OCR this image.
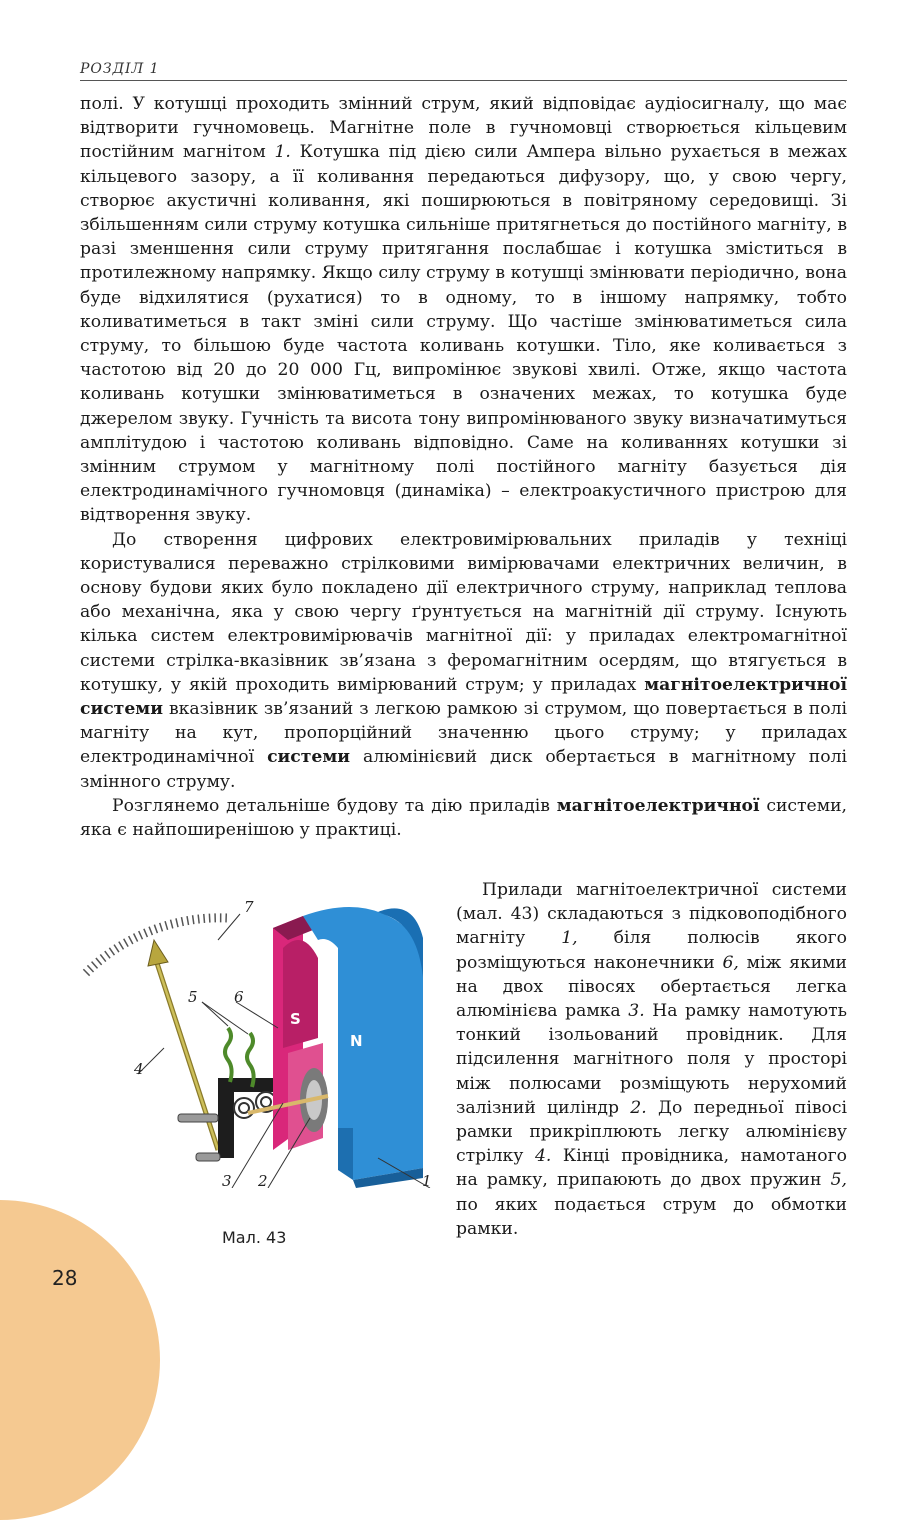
РОЗДІЛ 1

полі. У котушці проходить змінний струм, який відповідає аудіосигналу, що має відтворити гучномовець. Магнітне поле в гучномовці створюється кільцевим постійним магнітом 1. Котушка під дією сили Ампера вільно рухається в межах кільцевого зазору, а її коливання передаються дифузору, що, у свою чергу, створює акустичні коливання, які поширюються в повітряному середовищі. Зі збільшенням сили струму котушка сильніше притягнеться до постійного магніту, в разі зменшення сили струму притягання послабшає і котушка зміститься в протилежному напрямку. Якщо силу струму в котушці змінювати періодично, вона буде відхилятися (рухатися) то в одному, то в іншому напрямку, тобто коливатиметься в такт зміні сили струму. Що частіше змінюватиметься сила струму, то більшою буде частота коливань котушки. Тіло, яке коливається з частотою від 20 до 20 000 Гц, випромінює звукові хвилі. Отже, якщо частота коливань котушки змінюватиметься в означених межах, то котушка буде джерелом звуку. Гучність та висота тону випромінюваного звуку визначатимуться амплітудою і частотою коливань відповідно. Саме на коливаннях котушки зі змінним струмом у магнітному полі постійного магніту базується дія електродинамічного гучномовця (динаміка) – електроакустичного пристрою для відтворення звуку.

До створення цифрових електровимірювальних приладів у техніці користувалися переважно стрілковими вимірювачами електричних величин, в основу будови яких було покладено дії електричного струму, наприклад теплова або механічна, яка у свою чергу ґрунтується на магнітній дії струму. Існують кілька систем електровимірювачів магнітної дії: у приладах електромагнітної системи стрілка-вказівник зв’язана з феромагнітним осердям, що втягується в котушку, у якій проходить вимірюваний струм; у приладах магнітоелектричної системи вказівник зв’язаний з легкою рамкою зі струмом, що повертається в полі магніту на кут, пропорційний значенню цього струму; у приладах електродинамічної системи алюмінієвий диск обертається в магнітному полі змінного струму.

Розглянемо детальніше будову та дію приладів магнітоелектричної системи, яка є найпоширенішою у практиці.

S
N
7
5 6
4
3 2	1
Мал. 43

Прилади магнітоелектричної системи (мал. 43) складаються з підковоподібного магніту 1, біля полюсів якого розміщуються наконечники 6, між якими на двох півосях обертається легка алюмінієва рамка 3. На рамку намотують тонкий ізольований провідник. Для підсилення магнітного поля у просторі між полюсами розміщують нерухомий залізний циліндр 2. До передньої півосі рамки прикріплюють легку алюмінієву стрілку 4. Кінці провідника, намотаного на рамку, припаюють до двох пружин 5, по яких подається струм до обмотки рамки.

28
